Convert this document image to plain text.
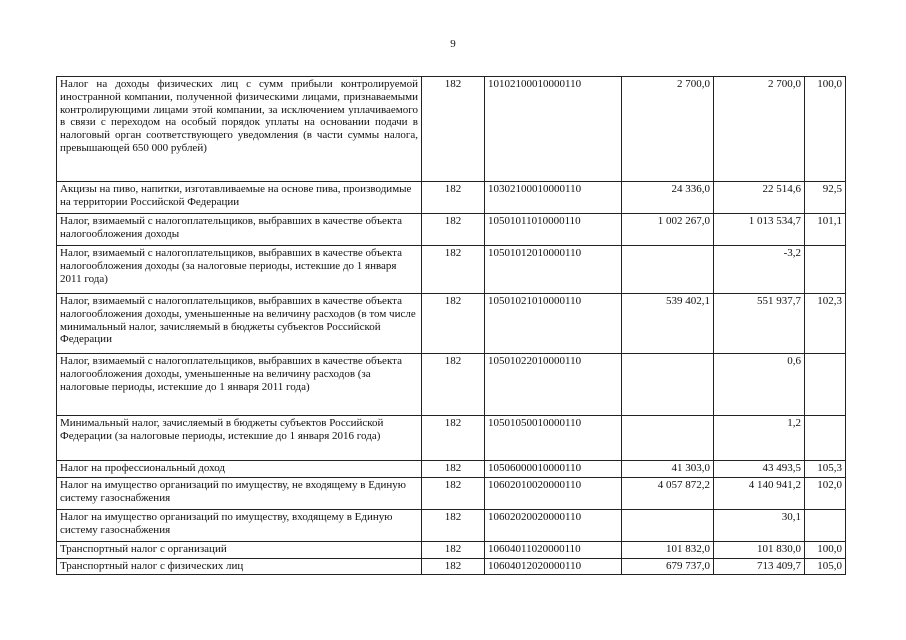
9
Налог на доходы физических лиц с сумм прибыли контролируемой иностранной компании, полученной физическими лицами, признаваемыми контролирующими лицами этой компании, за исключением уплачиваемого в связи с переходом на особый порядок уплаты на основании подачи в налоговый орган соответствующего уведомления (в части суммы налога, превышающей 650 000 рублей)	182	10102100010000110	2 700,0	2 700,0	100,0
Акцизы на пиво, напитки, изготавливаемые на основе пива, производимые на территории Российской Федерации	182	10302100010000110	24 336,0	22 514,6	92,5
Налог, взимаемый с налогоплательщиков, выбравших в качестве объекта налогообложения доходы	182	10501011010000110	1 002 267,0	1 013 534,7	101,1
Налог, взимаемый с налогоплательщиков, выбравших в качестве объекта налогообложения доходы (за налоговые периоды, истекшие до 1 января 2011 года)	182	10501012010000110		-3,2	
Налог, взимаемый с налогоплательщиков, выбравших в качестве объекта налогообложения доходы, уменьшенные на величину расходов (в том числе минимальный налог, зачисляемый в бюджеты субъектов Российской Федерации	182	10501021010000110	539 402,1	551 937,7	102,3
Налог, взимаемый с налогоплательщиков, выбравших в качестве объекта налогообложения доходы, уменьшенные на величину расходов (за налоговые периоды, истекшие до 1 января 2011 года)	182	10501022010000110		0,6	
Минимальный налог, зачисляемый в бюджеты субъектов Российской Федерации (за налоговые периоды, истекшие до 1 января 2016 года)	182	10501050010000110		1,2	
Налог на профессиональный доход	182	10506000010000110	41 303,0	43 493,5	105,3
Налог на имущество организаций по имуществу, не входящему в Единую систему газоснабжения	182	10602010020000110	4 057 872,2	4 140 941,2	102,0
Налог на имущество организаций по имуществу, входящему в Единую систему газоснабжения	182	10602020020000110		30,1	
Транспортный налог с организаций	182	10604011020000110	101 832,0	101 830,0	100,0
Транспортный налог с физических лиц	182	10604012020000110	679 737,0	713 409,7	105,0
